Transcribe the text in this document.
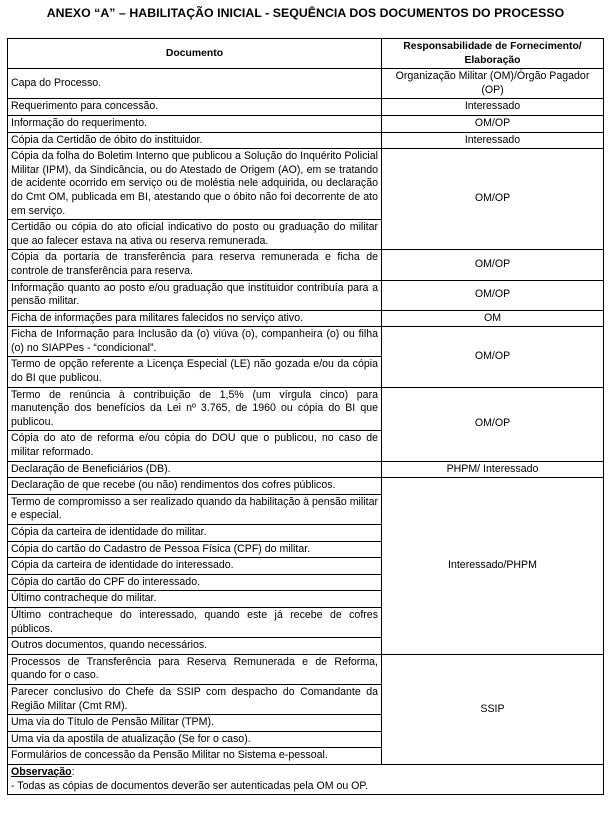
ANEXO “A” – HABILITAÇÃO INICIAL - SEQUÊNCIA DOS DOCUMENTOS DO PROCESSO
Documento	Responsabilidade de Fornecimento/ Elaboração
Capa do Processo.	Organização Militar (OM)/Órgão Pagador (OP)
Requerimento para concessão.	Interessado
Informação do requerimento.	OM/OP
Cópia da Certidão de óbito do instituidor.	Interessado
Cópia da folha do Boletim Interno que publicou a Solução do Inquérito Policial Militar (IPM), da Sindicância, ou do Atestado de Origem (AO), em se tratando de acidente ocorrido em serviço ou de moléstia nele adquirida, ou declaração do Cmt OM, publicada em BI, atestando que o óbito não foi decorrente de ato em serviço.	OM/OP
Certidão ou cópia do ato oficial indicativo do posto ou graduação do militar que ao falecer estava na ativa ou reserva remunerada.	
Cópia da portaria de transferência para reserva remunerada e ficha de controle de transferência para reserva.	OM/OP
Informação quanto ao posto e/ou graduação que instituidor contribuía para a pensão militar.	OM/OP
Ficha de informações para militares falecidos no serviço ativo.	OM
Ficha de Informação para Inclusão da (o) viúva (o), companheira (o) ou filha (o) no SIAPPes - “condicional”.	OM/OP
Termo de opção referente a Licença Especial (LE) não gozada e/ou da cópia do BI que publicou.	
Termo de renúncia à contribuição de 1,5% (um vírgula cinco) para manutenção dos benefícios da Lei nº 3.765, de 1960 ou cópia do BI que publicou.	OM/OP
Cópia do ato de reforma e/ou cópia do DOU que o publicou, no caso de militar reformado.	
Declaração de Beneficiários (DB).	PHPM/ Interessado
Declaração de que recebe (ou não) rendimentos dos cofres públicos.	Interessado/PHPM
Termo de compromisso a ser realizado quando da habilitação à pensão militar e especial.	
Cópia da carteira de identidade do militar.	
Cópia do cartão do Cadastro de Pessoa Física (CPF) do militar.	
Cópia da carteira de identidade do interessado.	
Cópia do cartão do CPF do interessado.	
Último contracheque do militar.	
Último contracheque do interessado, quando este já recebe de cofres públicos.	
Outros documentos, quando necessários.	
Processos de Transferência para Reserva Remunerada e de Reforma, quando for o caso.	SSIP
Parecer conclusivo do Chefe da SSIP com despacho do Comandante da Região Militar (Cmt RM).	
Uma via do Título de Pensão Militar (TPM).	
Uma via da apostila de atualização (Se for o caso).	
Formulários de concessão da Pensão Militar no Sistema e-pessoal.	
Observação:
- Todas as cópias de documentos deverão ser autenticadas pela OM ou OP.	
